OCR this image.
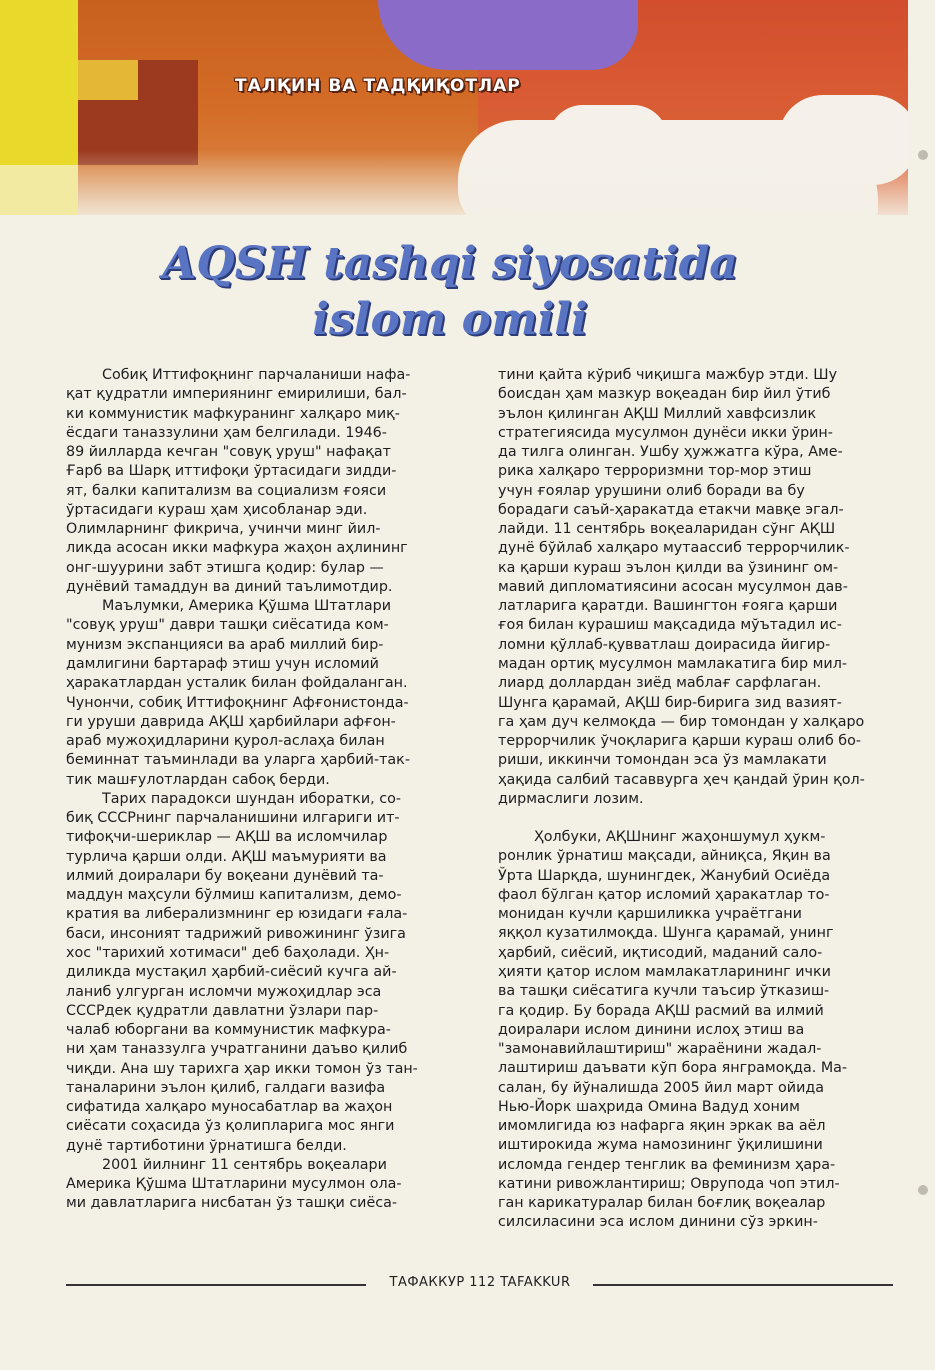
ТАЛҚИН ВА ТАДҚИҚОТЛАР
AQSH tashqi siyosatida
islom omili

Собиқ Иттифоқнинг парчаланиши нафа-
қат қудратли империянинг емирилиши, бал-
ки коммунистик мафкуранинг халқаро миқ-
ёсдаги таназзулини ҳам белгилади. 1946-
89 йилларда кечган "совуқ уруш" нафақат
Ғарб ва Шарқ иттифоқи ўртасидаги зидди-
ят, балки капитализм ва социализм ғояси
ўртасидаги кураш ҳам ҳисобланар эди.
Олимларнинг фикрича, учинчи минг йил-
ликда асосан икки мафкура жаҳон аҳлининг
онг-шуурини забт этишга қодир: булар —
дунёвий тамаддун ва диний таълимотдир.

Маълумки, Америка Қўшма Штатлари
"совуқ уруш" даври ташқи сиёсатида ком-
мунизм экспанцияси ва араб миллий бир-
дамлигини бартараф этиш учун исломий
ҳаракатлардан усталик билан фойдаланган.
Чунончи, собиқ Иттифоқнинг Афғонистонда-
ги уруши даврида АҚШ ҳарбийлари афғон-
араб мужоҳидларини қурол-аслаҳа билан
беминнат таъминлади ва уларга ҳарбий-так-
тик машғулотлардан сабоқ берди.

Тарих парадокси шундан иборатки, со-
биқ СССРнинг парчаланишини илгариги ит-
тифоқчи-шериклар — АҚШ ва исломчилар
турлича қарши олди. АҚШ маъмурияти ва
илмий доиралари бу воқеани дунёвий та-
маддун маҳсули бўлмиш капитализм, демо-
кратия ва либерализмнинг ер юзидаги ғала-
баси, инсоният тадрижий ривожининг ўзига
хос "тарихий хотимаси" деб баҳолади. Ҳн-
диликда мустақил ҳарбий-сиёсий кучга ай-
ланиб улгурган исломчи мужоҳидлар эса
СССРдек қудратли давлатни ўзлари пар-
чалаб юборгани ва коммунистик мафкура-
ни ҳам таназзулга учратганини даъво қилиб
чиқди. Ана шу тарихга ҳар икки томон ўз тан-
таналарини эълон қилиб, галдаги вазифа
сифатида халқаро муносабатлар ва жаҳон
сиёсати соҳасида ўз қолипларига мос янги
дунё тартиботини ўрнатишга белди.

2001 йилнинг 11 сентябрь воқеалари
Америка Қўшма Штатларини мусулмон ола-
ми давлатларига нисбатан ўз ташқи сиёса-

тини қайта кўриб чиқишга мажбур этди. Шу
боисдан ҳам мазкур воқеадан бир йил ўтиб
эълон қилинган АҚШ Миллий хавфсизлик
стратегиясида мусулмон дунёси икки ўрин-
да тилга олинган. Ушбу ҳужжатга кўра, Аме-
рика халқаро терроризмни тор-мор этиш
учун ғоялар урушини олиб боради ва бу
борадаги саъй-ҳаракатда етакчи мавқе эгал-
лайди. 11 сентябрь воқеаларидан сўнг АҚШ
дунё бўйлаб халқаро мутаассиб террорчилик-
ка қарши кураш эълон қилди ва ўзининг ом-
мавий дипломатиясини асосан мусулмон дав-
латларига қаратди. Вашингтон ғояга қарши
ғоя билан курашиш мақсадида мўътадил ис-
ломни қўллаб-қувватлаш доирасида йигир-
мадан ортиқ мусулмон мамлакатига бир мил-
лиард доллардан зиёд маблағ сарфлаган.
Шунга қарамай, АҚШ бир-бирига зид вазият-
га ҳам дуч келмоқда — бир томондан у халқаро
террорчилик ўчоқларига қарши кураш олиб бо-
риши, иккинчи томондан эса ўз мамлакати
ҳақида салбий тасаввурга ҳеч қандай ўрин қол-
дирмаслиги лозим.

Ҳолбуки, АҚШнинг жаҳоншумул ҳукм-
ронлик ўрнатиш мақсади, айниқса, Яқин ва
Ўрта Шарқда, шунингдек, Жанубий Осиёда
фаол бўлган қатор исломий ҳаракатлар то-
монидан кучли қаршиликка учраётгани
яққол кузатилмоқда. Шунга қарамай, унинг
ҳарбий, сиёсий, иқтисодий, маданий сало-
ҳияти қатор ислом мамлакатларининг ички
ва ташқи сиёсатига кучли таъсир ўтказиш-
га қодир. Бу борада АҚШ расмий ва илмий
доиралари ислом динини ислоҳ этиш ва
"замонавийлаштириш" жараёнини жадал-
лаштириш даъвати кўп бора янграмоқда. Ма-
салан, бу йўналишда 2005 йил март ойида
Нью-Йорк шаҳрида Омина Вадуд хоним
имомлигида юз нафарга яқин эркак ва аёл
иштирокида жума намозининг ўқилишини
исломда гендер тенглик ва феминизм ҳара-
катини ривожлантириш; Оврупода чоп этил-
ган карикатуралар билан боғлиқ воқеалар
силсиласини эса ислом динини сўз эркин-

ТАФАККУР 112 TAFAKKUR
